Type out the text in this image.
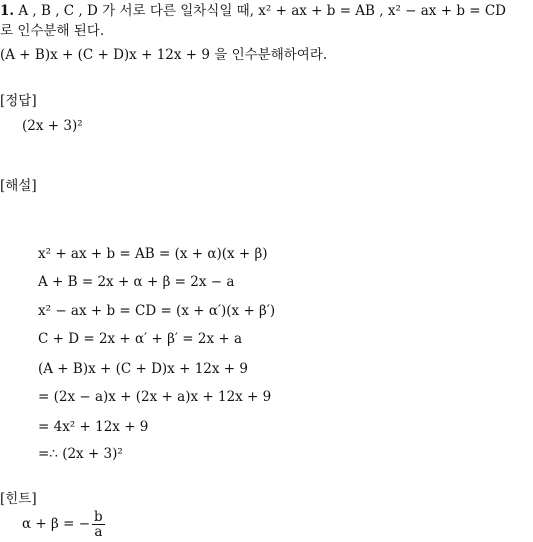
1. A , B , C , D 가 서로 다른 일차식일 때, x² + ax + b = AB , x² − ax + b = CD
로 인수분해 된다.
(A + B)x + (C + D)x + 12x + 9 을 인수분해하여라.
[정답]
(2x + 3)²
[해설]
x² + ax + b = AB = (x + α)(x + β)
A + B = 2x + α + β = 2x − a
x² − ax + b = CD = (x + α′)(x + β′)
C + D = 2x + α′ + β′ = 2x + a
(A + B)x + (C + D)x + 12x + 9
= (2x − a)x + (2x + a)x + 12x + 9
= 4x² + 12x + 9
=∴ (2x + 3)²
[힌트]
α + β = − $\frac{b}{a}$
